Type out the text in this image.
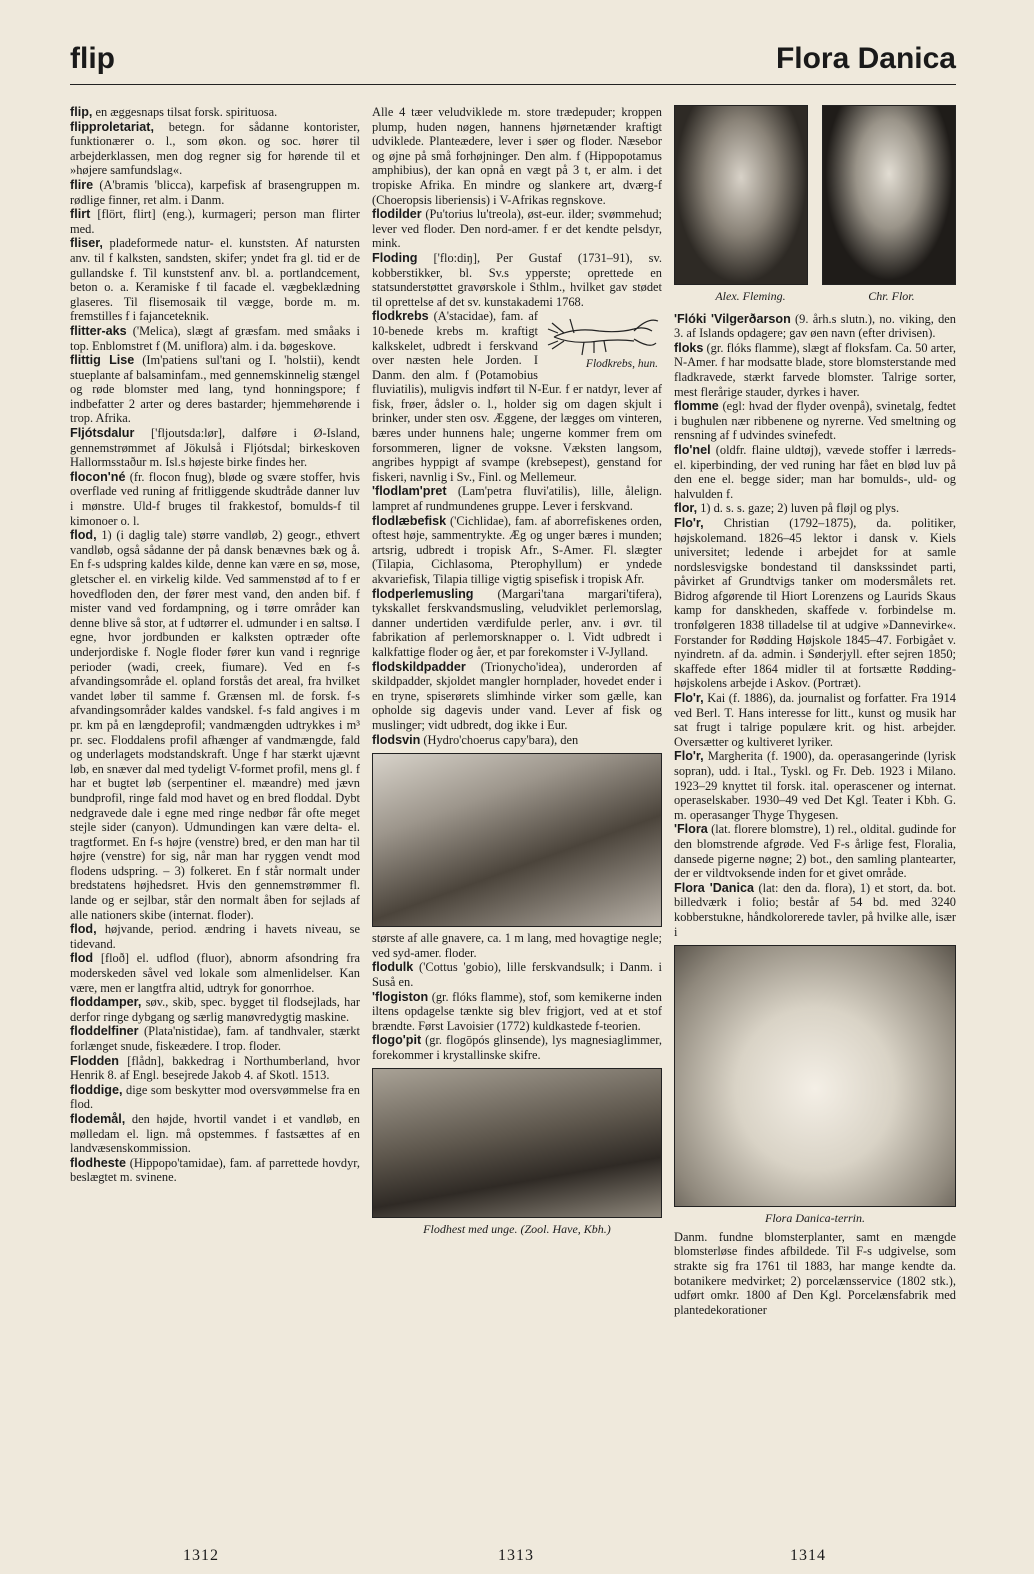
flip	Flora Danica

flip, en æggesnaps tilsat forsk. spirituosa.

flipproletariat, betegn. for sådanne kontorister, funktionærer o. l., som økon. og soc. hører til arbejderklassen, men dog regner sig for hørende til et »højere samfundslag«.

flire (A'bramis 'blicca), karpefisk af brasengruppen m. rødlige finner, ret alm. i Danm.

flirt [flört, flirt] (eng.), kurmageri; person man flirter med.

fliser, pladeformede natur- el. kunststen. Af natursten anv. til f kalksten, sandsten, skifer; yndet fra gl. tid er de gullandske f. Til kunststenf anv. bl. a. portlandcement, beton o. a. Keramiske f til facade el. vægbeklædning glaseres. Til flisemosaik til vægge, borde m. m. fremstilles f i fajanceteknik.

flitter-aks ('Melica), slægt af græsfam. med småaks i top. Enblomstret f (M. uniflora) alm. i da. bøgeskove.

flittig Lise (Im'patiens sul'tani og I. 'holstii), kendt stueplante af balsaminfam., med gennemskinnelig stængel og røde blomster med lang, tynd honningspore; f indbefatter 2 arter og deres bastarder; hjemmehørende i trop. Afrika.

Fljótsdalur ['fljoutsda:lør], dalføre i Ø-Island, gennemstrømmet af Jökulså i Fljótsdal; birkeskoven Hallormsstaður m. Isl.s højeste birke findes her.

flocon'né (fr. flocon fnug), bløde og svære stoffer, hvis overflade ved runing af fritliggende skudtråde danner luv i mønstre. Uld-f bruges til frakkestof, bomulds-f til kimonoer o. l.

flod, 1) (i daglig tale) større vandløb, 2) geogr., ethvert vandløb, også sådanne der på dansk benævnes bæk og å. En f-s udspring kaldes kilde, denne kan være en sø, mose, gletscher el. en virkelig kilde. Ved sammenstød af to f er hovedfloden den, der fører mest vand, den anden bif. f mister vand ved fordampning, og i tørre områder kan denne blive så stor, at f udtørrer el. udmunder i en saltsø. I egne, hvor jordbunden er kalksten optræder ofte underjordiske f. Nogle floder fører kun vand i regnrige perioder (wadi, creek, fiumare). Ved en f-s afvandingsområde el. opland forstås det areal, fra hvilket vandet løber til samme f. Grænsen ml. de forsk. f-s afvandingsområder kaldes vandskel. f-s fald angives i m pr. km på en længdeprofil; vandmængden udtrykkes i m³ pr. sec. Floddalens profil afhænger af vandmængde, fald og underlagets modstandskraft. Unge f har stærkt ujævnt løb, en snæver dal med tydeligt V-formet profil, mens gl. f har et bugtet løb (serpentiner el. mæandre) med jævn bundprofil, ringe fald mod havet og en bred floddal. Dybt nedgravede dale i egne med ringe nedbør får ofte meget stejle sider (canyon). Udmundingen kan være delta- el. tragtformet. En f-s højre (venstre) bred, er den man har til højre (venstre) for sig, når man har ryggen vendt mod flodens udspring. – 3) folkeret. En f står normalt under bredstatens højhedsret. Hvis den gennemstrømmer fl. lande og er sejlbar, står den normalt åben for sejlads af alle nationers skibe (internat. floder).

flod, højvande, period. ændring i havets niveau, se tidevand.

flod [floð] el. udflod (fluor), abnorm afsondring fra moderskeden såvel ved lokale som almenlidelser. Kan være, men er langtfra altid, udtryk for gonorrhoe.

floddamper, søv., skib, spec. bygget til flodsejlads, har derfor ringe dybgang og særlig manøvredygtig maskine.

floddelfiner (Plata'nistidae), fam. af tandhvaler, stærkt forlænget snude, fiskeædere. I trop. floder.

Flodden [flådn], bakkedrag i Northumberland, hvor Henrik 8. af Engl. besejrede Jakob 4. af Skotl. 1513.

floddige, dige som beskytter mod oversvømmelse fra en flod.

flodemål, den højde, hvortil vandet i et vandløb, en mølledam el. lign. må opstemmes. f fastsættes af en landvæsenskommission.

flodheste (Hippopo'tamidae), fam. af parrettede hovdyr, beslægtet m. svinene.

Alle 4 tæer veludviklede m. store trædepuder; kroppen plump, huden nøgen, hannens hjørnetænder kraftigt udviklede. Planteædere, lever i søer og floder. Næsebor og øjne på små forhøjninger. Den alm. f (Hippopotamus amphibius), der kan opnå en vægt på 3 t, er alm. i det tropiske Afrika. En mindre og slankere art, dværg-f (Choeropsis liberiensis) i V-Afrikas regnskove.

flodilder (Pu'torius lu'treola), øst-eur. ilder; svømmehud; lever ved floder. Den nord-amer. f er det kendte pelsdyr, mink.

Floding ['flo:diŋ], Per Gustaf (1731–91), sv. kobberstikker, bl. Sv.s ypperste; oprettede en statsunderstøttet gravørskole i Sthlm., hvilket gav stødet til oprettelse af det sv. kunstakademi 1768.

Flodkrebs, hun.
flodkrebs (A'stacidae), fam. af 10-benede krebs m. kraftigt kalkskelet, udbredt i ferskvand over næsten hele Jorden. I Danm. den alm. f (Potamobius fluviatilis), muligvis indført til N-Eur. f er natdyr, lever af fisk, frøer, ådsler o. l., holder sig om dagen skjult i brinker, under sten osv. Æggene, der lægges om vinteren, bæres under hunnens hale; ungerne kommer frem om forsommeren, ligner de voksne. Væksten langsom, angribes hyppigt af svampe (krebsepest), genstand for fiskeri, navnlig i Sv., Finl. og Mellemeur.

'flodlam'pret (Lam'petra fluvi'atilis), lille, ålelign. lampret af rundmundenes gruppe. Lever i ferskvand.

flodlæbefisk ('Cichlidae), fam. af aborrefiskenes orden, oftest høje, sammentrykte. Æg og unger bæres i munden; artsrig, udbredt i tropisk Afr., S-Amer. Fl. slægter (Tilapia, Cichlasoma, Pterophyllum) er yndede akvariefisk, Tilapia tillige vigtig spisefisk i tropisk Afr.

flodperlemusling (Margari'tana margari'tifera), tykskallet ferskvandsmusling, veludviklet perlemorslag, danner undertiden værdifulde perler, anv. i øvr. til fabrikation af perlemorsknapper o. l. Vidt udbredt i kalkfattige floder og åer, et par forekomster i V-Jylland.

flodskildpadder (Trionycho'idea), underorden af skildpadder, skjoldet mangler hornplader, hovedet ender i en tryne, spiserørets slimhinde virker som gælle, kan opholde sig dagevis under vand. Lever af fisk og muslinger; vidt udbredt, dog ikke i Eur.

flodsvin (Hydro'choerus capy'bara), den

største af alle gnavere, ca. 1 m lang, med hovagtige negle; ved syd-amer. floder.

flodulk ('Cottus 'gobio), lille ferskvandsulk; i Danm. i Suså en.

'flogiston (gr. flóks flamme), stof, som kemikerne inden iltens opdagelse tænkte sig blev frigjort, ved at et stof brændte. Først Lavoisier (1772) kuldkastede f-teorien.

flogo'pit (gr. flogōpós glinsende), lys magnesiaglimmer, forekommer i krystallinske skifre.

Flodhest med unge. (Zool. Have, Kbh.)
Alex. Fleming.	Chr. Flor.

'Flóki 'Vilgerðarson (9. årh.s slutn.), no. viking, den 3. af Islands opdagere; gav øen navn (efter drivisen).

floks (gr. flóks flamme), slægt af floksfam. Ca. 50 arter, N-Amer. f har modsatte blade, store blomsterstande med fladkravede, stærkt farvede blomster. Talrige sorter, mest flerårige stauder, dyrkes i haver.

flomme (egl: hvad der flyder ovenpå), svinetalg, fedtet i bughulen nær ribbenene og nyrerne. Ved smeltning og rensning af f udvindes svinefedt.

flo'nel (oldfr. flaine uldtøj), vævede stoffer i lærreds- el. kiperbinding, der ved runing har fået en blød luv på den ene el. begge sider; man har bomulds-, uld- og halvulden f.

flor, 1) d. s. s. gaze; 2) luven på fløjl og plys.

Flo'r, Christian (1792–1875), da. politiker, højskolemand. 1826–45 lektor i dansk v. Kiels universitet; ledende i arbejdet for at samle nordslesvigske bondestand til danskssindet parti, påvirket af Grundtvigs tanker om modersmålets ret. Bidrog afgørende til Hiort Lorenzens og Laurids Skaus kamp for danskheden, skaffede v. forbindelse m. tronfølgeren 1838 tilladelse til at udgive »Dannevirke«. Forstander for Rødding Højskole 1845–47. Forbigået v. nyindretn. af da. admin. i Sønderjyll. efter sejren 1850; skaffede efter 1864 midler til at fortsætte Rødding-højskolens arbejde i Askov. (Portræt).

Flo'r, Kai (f. 1886), da. journalist og forfatter. Fra 1914 ved Berl. T. Hans interesse for litt., kunst og musik har sat frugt i talrige populære krit. og hist. arbejder. Oversætter og kultiveret lyriker.

Flo'r, Margherita (f. 1900), da. operasangerinde (lyrisk sopran), udd. i Ital., Tyskl. og Fr. Deb. 1923 i Milano. 1923–29 knyttet til forsk. ital. operascener og internat. operaselskaber. 1930–49 ved Det Kgl. Teater i Kbh. G. m. operasanger Thyge Thygesen.

'Flora (lat. florere blomstre), 1) rel., oldital. gudinde for den blomstrende afgrøde. Ved F-s årlige fest, Floralia, dansede pigerne nøgne; 2) bot., den samling plantearter, der er vildtvoksende inden for et givet område.

Flora 'Danica (lat: den da. flora), 1) et stort, da. bot. billedværk i folio; består af 54 bd. med 3240 kobberstukne, håndkolorerede tavler, på hvilke alle, især i

Flora Danica-terrin.

Danm. fundne blomsterplanter, samt en mængde blomsterløse findes afbildede. Til F-s udgivelse, som strakte sig fra 1761 til 1883, har mange kendte da. botanikere medvirket; 2) porcelænsservice (1802 stk.), udført omkr. 1800 af Den Kgl. Porcelænsfabrik med plantedekorationer

1312	1313	1314
